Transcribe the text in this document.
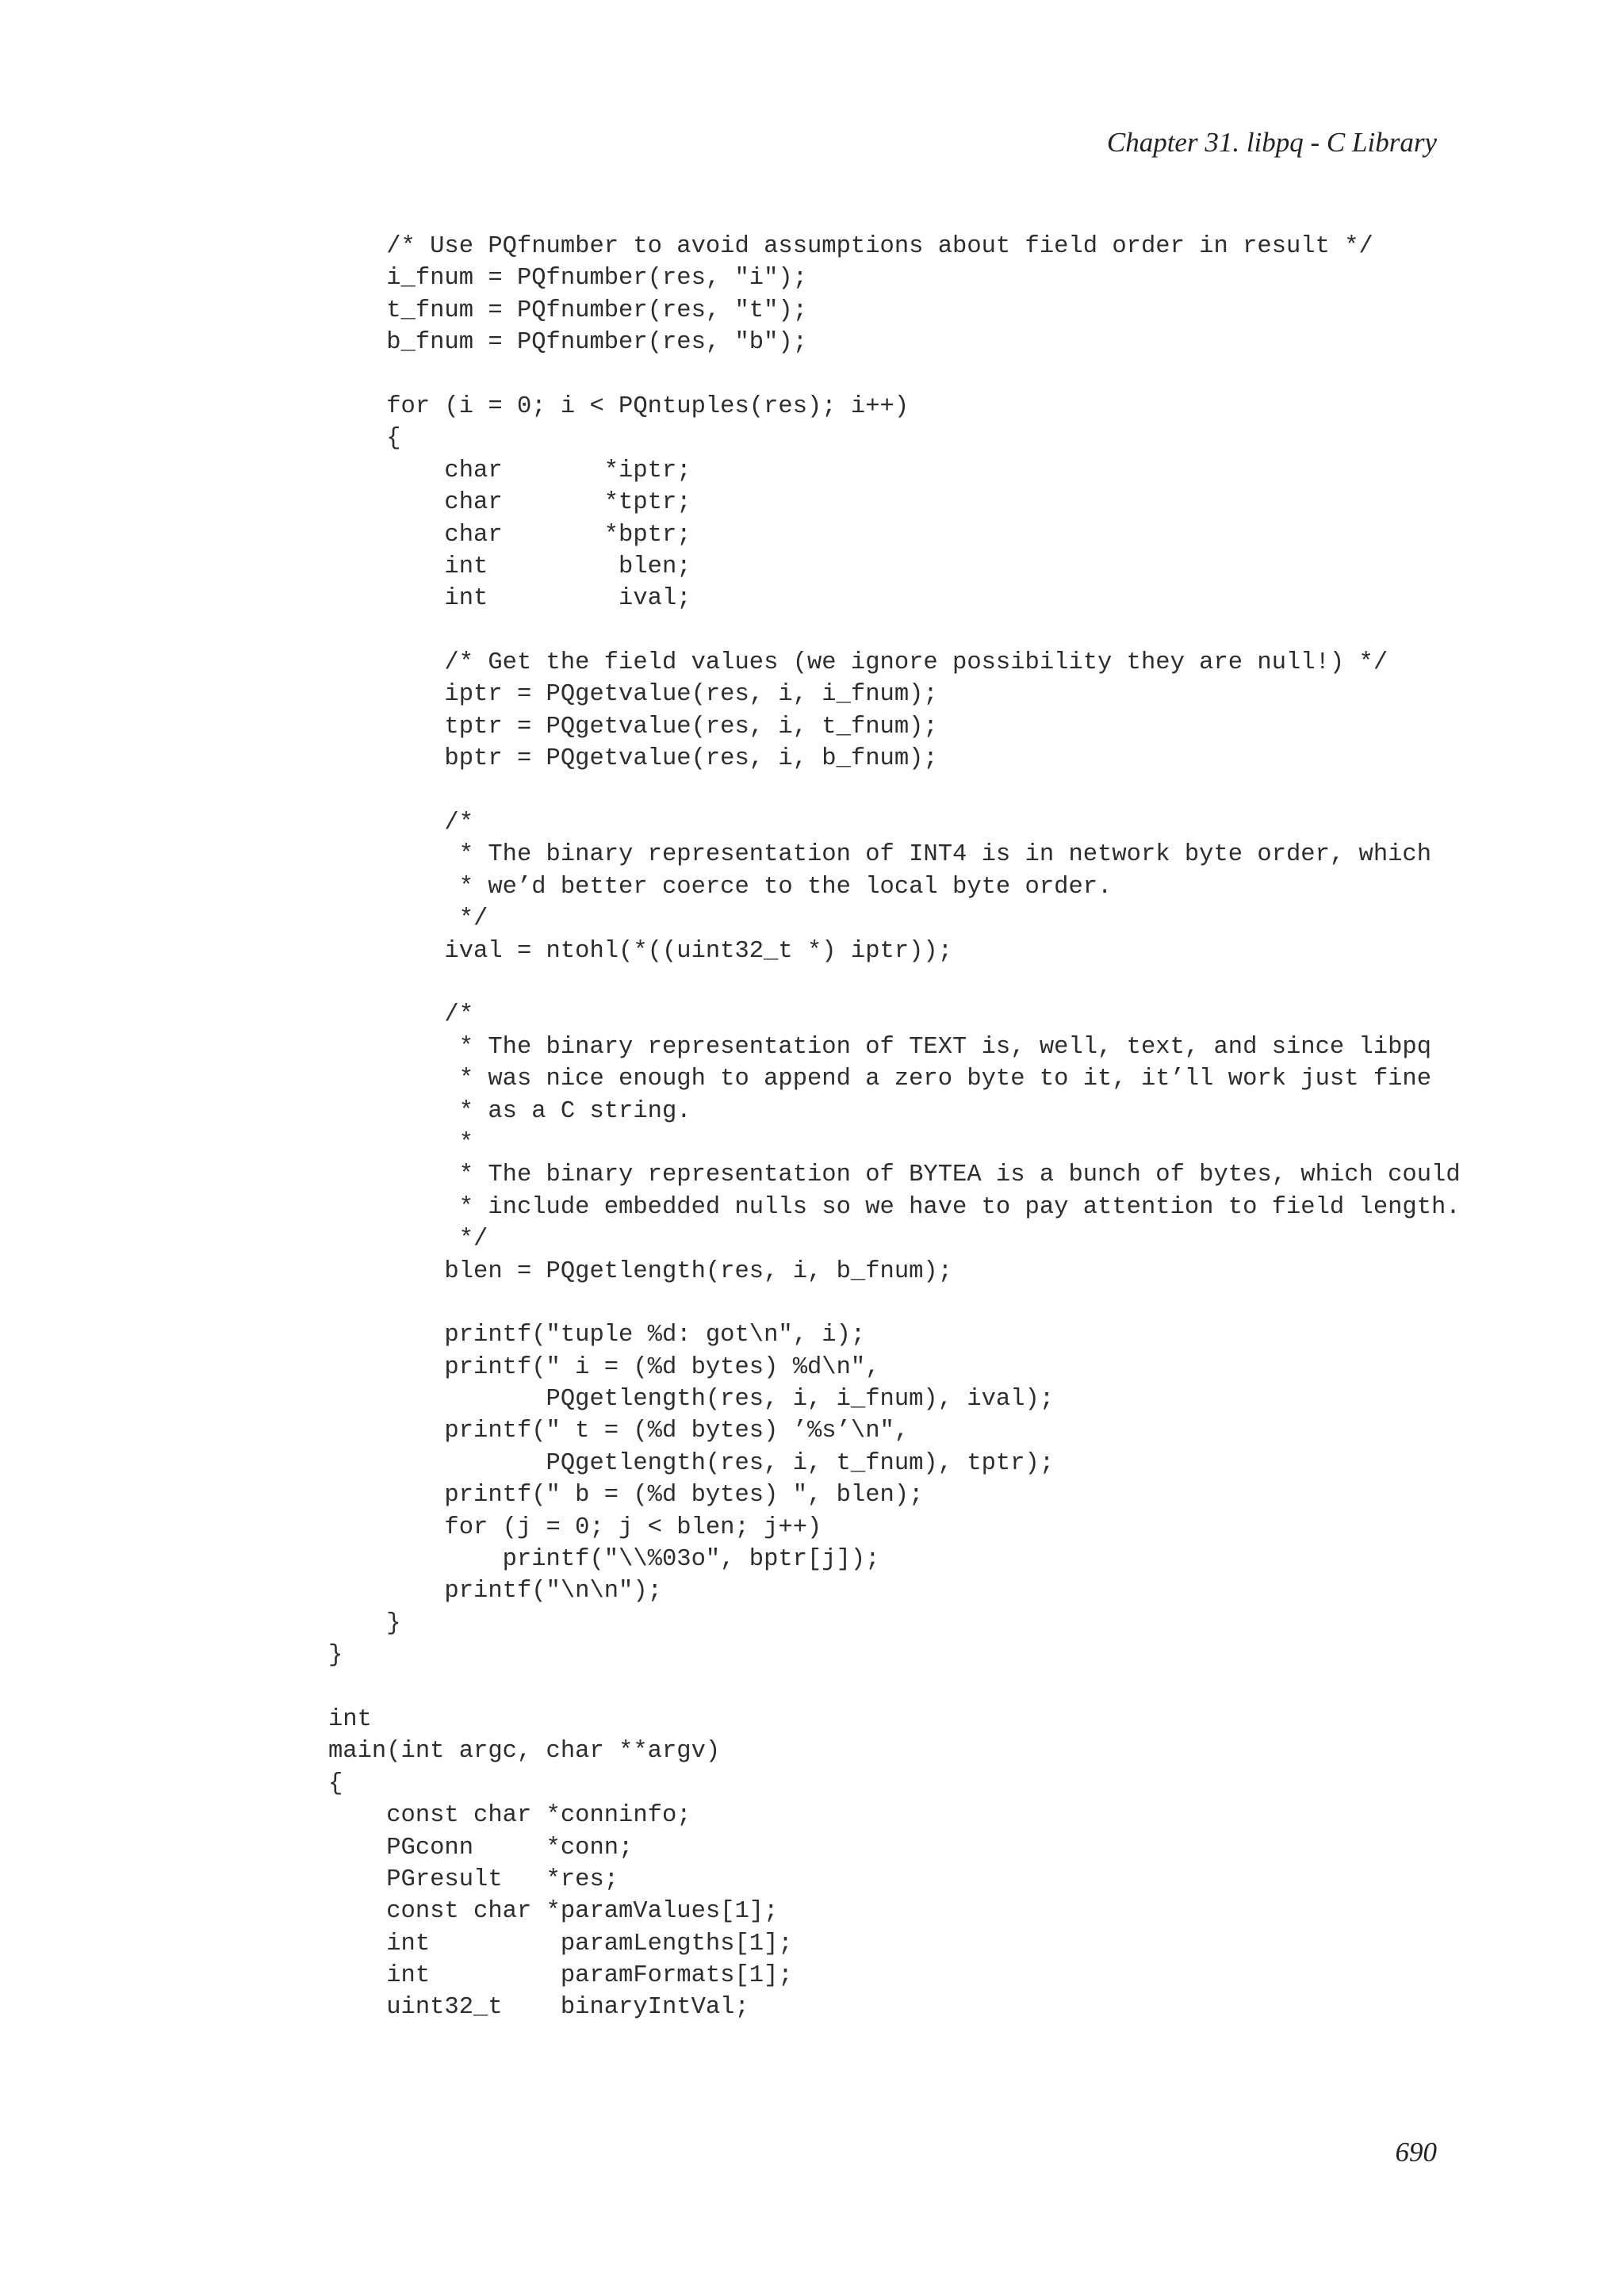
Chapter 31. libpq - C Library
/* Use PQfnumber to avoid assumptions about field order in result */
i_fnum = PQfnumber(res, "i");
t_fnum = PQfnumber(res, "t");
b_fnum = PQfnumber(res, "b");
for (i = 0; i < PQntuples(res); i++)
{
char       *iptr;
char       *tptr;
char       *bptr;
int         blen;
int         ival;
/* Get the field values (we ignore possibility they are null!) */
iptr = PQgetvalue(res, i, i_fnum);
tptr = PQgetvalue(res, i, t_fnum);
bptr = PQgetvalue(res, i, b_fnum);
/*
* The binary representation of INT4 is in network byte order, which
* we’d better coerce to the local byte order.
*/
ival = ntohl(*((uint32_t *) iptr));
/*
* The binary representation of TEXT is, well, text, and since libpq
* was nice enough to append a zero byte to it, it’ll work just fine
* as a C string.
*
* The binary representation of BYTEA is a bunch of bytes, which could
* include embedded nulls so we have to pay attention to field length.
*/
blen = PQgetlength(res, i, b_fnum);
printf("tuple %d: got\n", i);
printf(" i = (%d bytes) %d\n",
PQgetlength(res, i, i_fnum), ival);
printf(" t = (%d bytes) ’%s’\n",
PQgetlength(res, i, t_fnum), tptr);
printf(" b = (%d bytes) ", blen);
for (j = 0; j < blen; j++)
printf("\\%03o", bptr[j]);
printf("\n\n");
}
}
int
main(int argc, char **argv)
{
const char *conninfo;
PGconn     *conn;
PGresult   *res;
const char *paramValues[1];
int         paramLengths[1];
int         paramFormats[1];
uint32_t    binaryIntVal;
690
